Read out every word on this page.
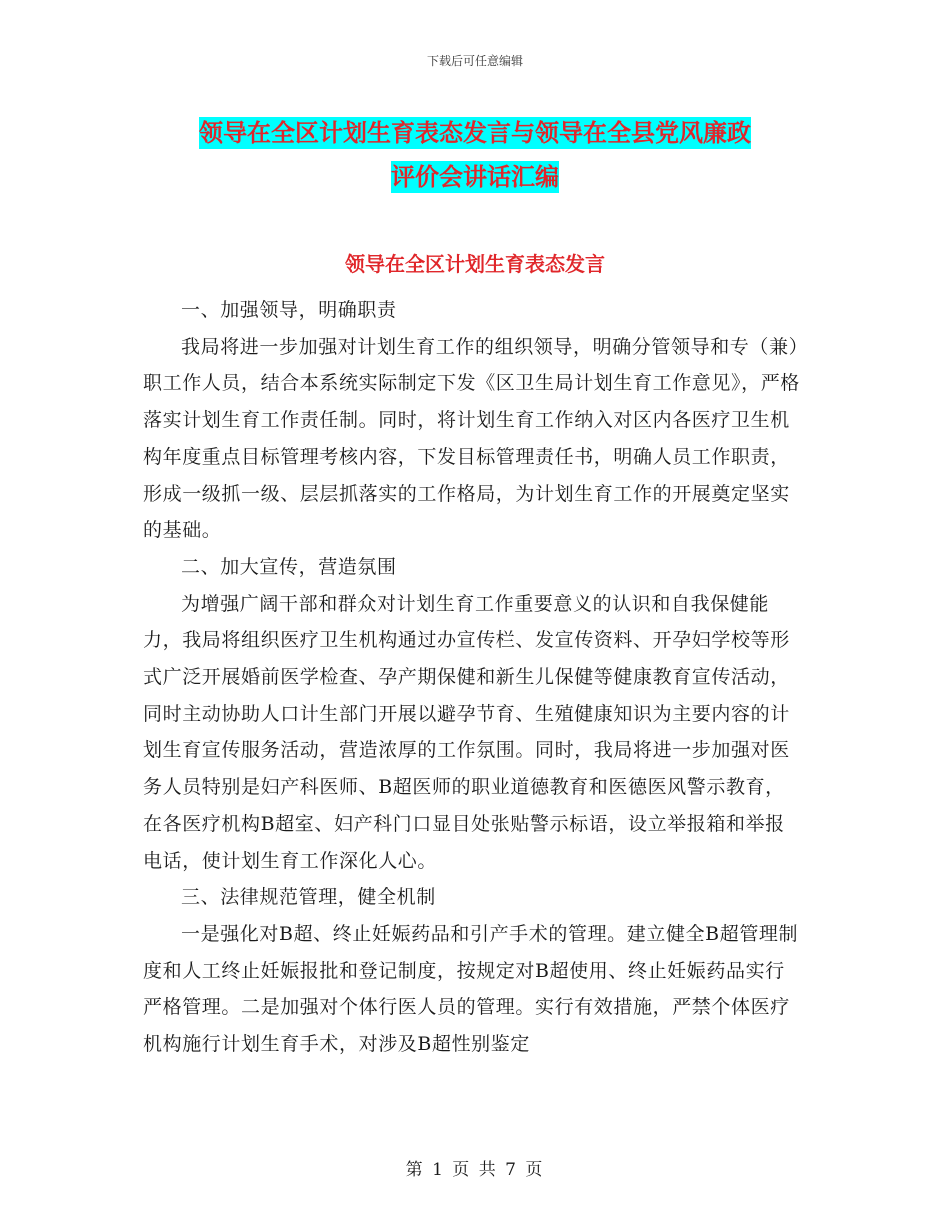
下载后可任意编辑
领导在全区计划生育表态发言与领导在全县党风廉政
评价会讲话汇编
领导在全区计划生育表态发言

一、加强领导，明确职责

我局将进一步加强对计划生育工作的组织领导，明确分管领导和专（兼）职工作人员，结合本系统实际制定下发《区卫生局计划生育工作意见》，严格落实计划生育工作责任制。同时，将计划生育工作纳入对区内各医疗卫生机构年度重点目标管理考核内容，下发目标管理责任书，明确人员工作职责，形成一级抓一级、层层抓落实的工作格局，为计划生育工作的开展奠定坚实的基础。

二、加大宣传，营造氛围

为增强广阔干部和群众对计划生育工作重要意义的认识和自我保健能力，我局将组织医疗卫生机构通过办宣传栏、发宣传资料、开孕妇学校等形式广泛开展婚前医学检查、孕产期保健和新生儿保健等健康教育宣传活动，同时主动协助人口计生部门开展以避孕节育、生殖健康知识为主要内容的计划生育宣传服务活动，营造浓厚的工作氛围。同时，我局将进一步加强对医务人员特别是妇产科医师、B超医师的职业道德教育和医德医风警示教育，在各医疗机构B超室、妇产科门口显目处张贴警示标语，设立举报箱和举报电话，使计划生育工作深化人心。

三、法律规范管理，健全机制

一是强化对B超、终止妊娠药品和引产手术的管理。建立健全B超管理制度和人工终止妊娠报批和登记制度，按规定对B超使用、终止妊娠药品实行严格管理。二是加强对个体行医人员的管理。实行有效措施，严禁个体医疗机构施行计划生育手术，对涉及B超性别鉴定

第 1 页 共 7 页
